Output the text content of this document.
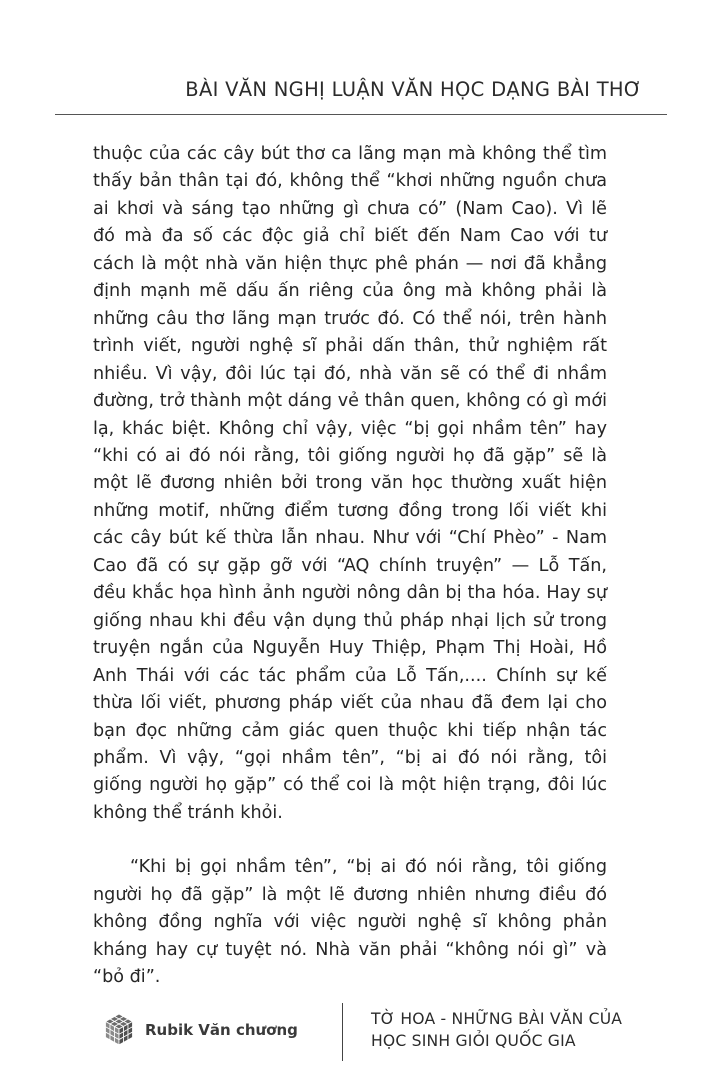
BÀI VĂN NGHỊ LUẬN VĂN HỌC DẠNG BÀI THƠ
thuộc của các cây bút thơ ca lãng mạn mà không thể tìm
thấy bản thân tại đó, không thể “khơi những nguồn chưa
ai khơi và sáng tạo những gì chưa có” (Nam Cao). Vì lẽ
đó mà đa số các độc giả chỉ biết đến Nam Cao với tư
cách là một nhà văn hiện thực phê phán — nơi đã khẳng
định mạnh mẽ dấu ấn riêng của ông mà không phải là
những câu thơ lãng mạn trước đó. Có thể nói, trên hành
trình viết, người nghệ sĩ phải dấn thân, thử nghiệm rất
nhiều. Vì vậy, đôi lúc tại đó, nhà văn sẽ có thể đi nhầm
đường, trở thành một dáng vẻ thân quen, không có gì mới
lạ, khác biệt. Không chỉ vậy, việc “bị gọi nhầm tên” hay
“khi có ai đó nói rằng, tôi giống người họ đã gặp” sẽ là
một lẽ đương nhiên bởi trong văn học thường xuất hiện
những motif, những điểm tương đồng trong lối viết khi
các cây bút kế thừa lẫn nhau. Như với “Chí Phèo” - Nam
Cao đã có sự gặp gỡ với “AQ chính truyện” — Lỗ Tấn,
đều khắc họa hình ảnh người nông dân bị tha hóa. Hay sự
giống nhau khi đều vận dụng thủ pháp nhại lịch sử trong
truyện ngắn của Nguyễn Huy Thiệp, Phạm Thị Hoài, Hồ
Anh Thái với các tác phẩm của Lỗ Tấn,.... Chính sự kế
thừa lối viết, phương pháp viết của nhau đã đem lại cho
bạn đọc những cảm giác quen thuộc khi tiếp nhận tác
phẩm. Vì vậy, “gọi nhầm tên”, “bị ai đó nói rằng, tôi
giống người họ gặp” có thể coi là một hiện trạng, đôi lúc
không thể tránh khỏi.
“Khi bị gọi nhầm tên”, “bị ai đó nói rằng, tôi giống
người họ đã gặp” là một lẽ đương nhiên nhưng điều đó
không đồng nghĩa với việc người nghệ sĩ không phản
kháng hay cự tuyệt nó. Nhà văn phải “không nói gì” và
“bỏ đi”.
Rubik Văn chương
TỜ HOA - NHỮNG BÀI VĂN CỦA
HỌC SINH GIỎI QUỐC GIA
